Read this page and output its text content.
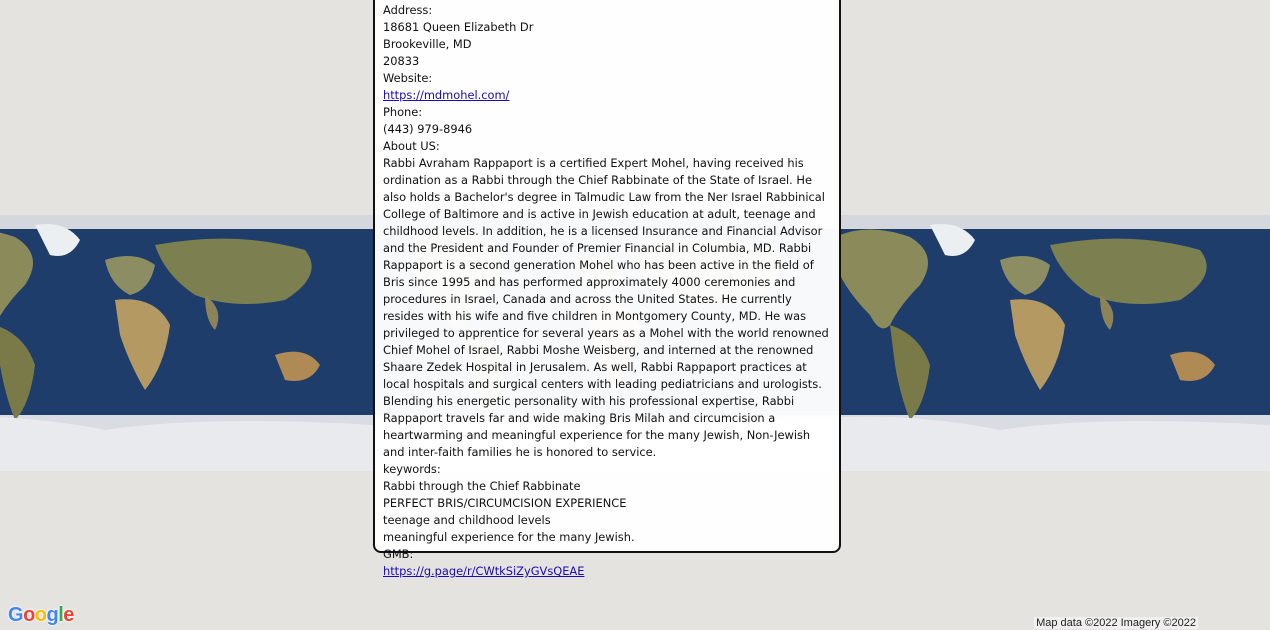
Address:
18681 Queen Elizabeth Dr
Brookeville, MD
20833
Website:
https://mdmohel.com/
Phone:
(443) 979-8946
About US:
Rabbi Avraham Rappaport is a certified Expert Mohel, having received his ordination as a Rabbi through the Chief Rabbinate of the State of Israel. He also holds a Bachelor's degree in Talmudic Law from the Ner Israel Rabbinical College of Baltimore and is active in Jewish education at adult, teenage and childhood levels. In addition, he is a licensed Insurance and Financial Advisor and the President and Founder of Premier Financial in Columbia, MD. Rabbi Rappaport is a second generation Mohel who has been active in the field of Bris since 1995 and has performed approximately 4000 ceremonies and procedures in Israel, Canada and across the United States. He currently resides with his wife and five children in Montgomery County, MD. He was privileged to apprentice for several years as a Mohel with the world renowned Chief Mohel of Israel, Rabbi Moshe Weisberg, and interned at the renowned Shaare Zedek Hospital in Jerusalem. As well, Rabbi Rappaport practices at local hospitals and surgical centers with leading pediatricians and urologists. Blending his energetic personality with his professional expertise, Rabbi Rappaport travels far and wide making Bris Milah and circumcision a heartwarming and meaningful experience for the many Jewish, Non-Jewish and inter-faith families he is honored to service.
keywords:
Rabbi through the Chief Rabbinate
PERFECT BRIS/CIRCUMCISION EXPERIENCE
teenage and childhood levels
meaningful experience for the many Jewish.
GMB:
https://g.page/r/CWtkSiZyGVsQEAE
Google	Map data ©2022 Imagery ©2022
